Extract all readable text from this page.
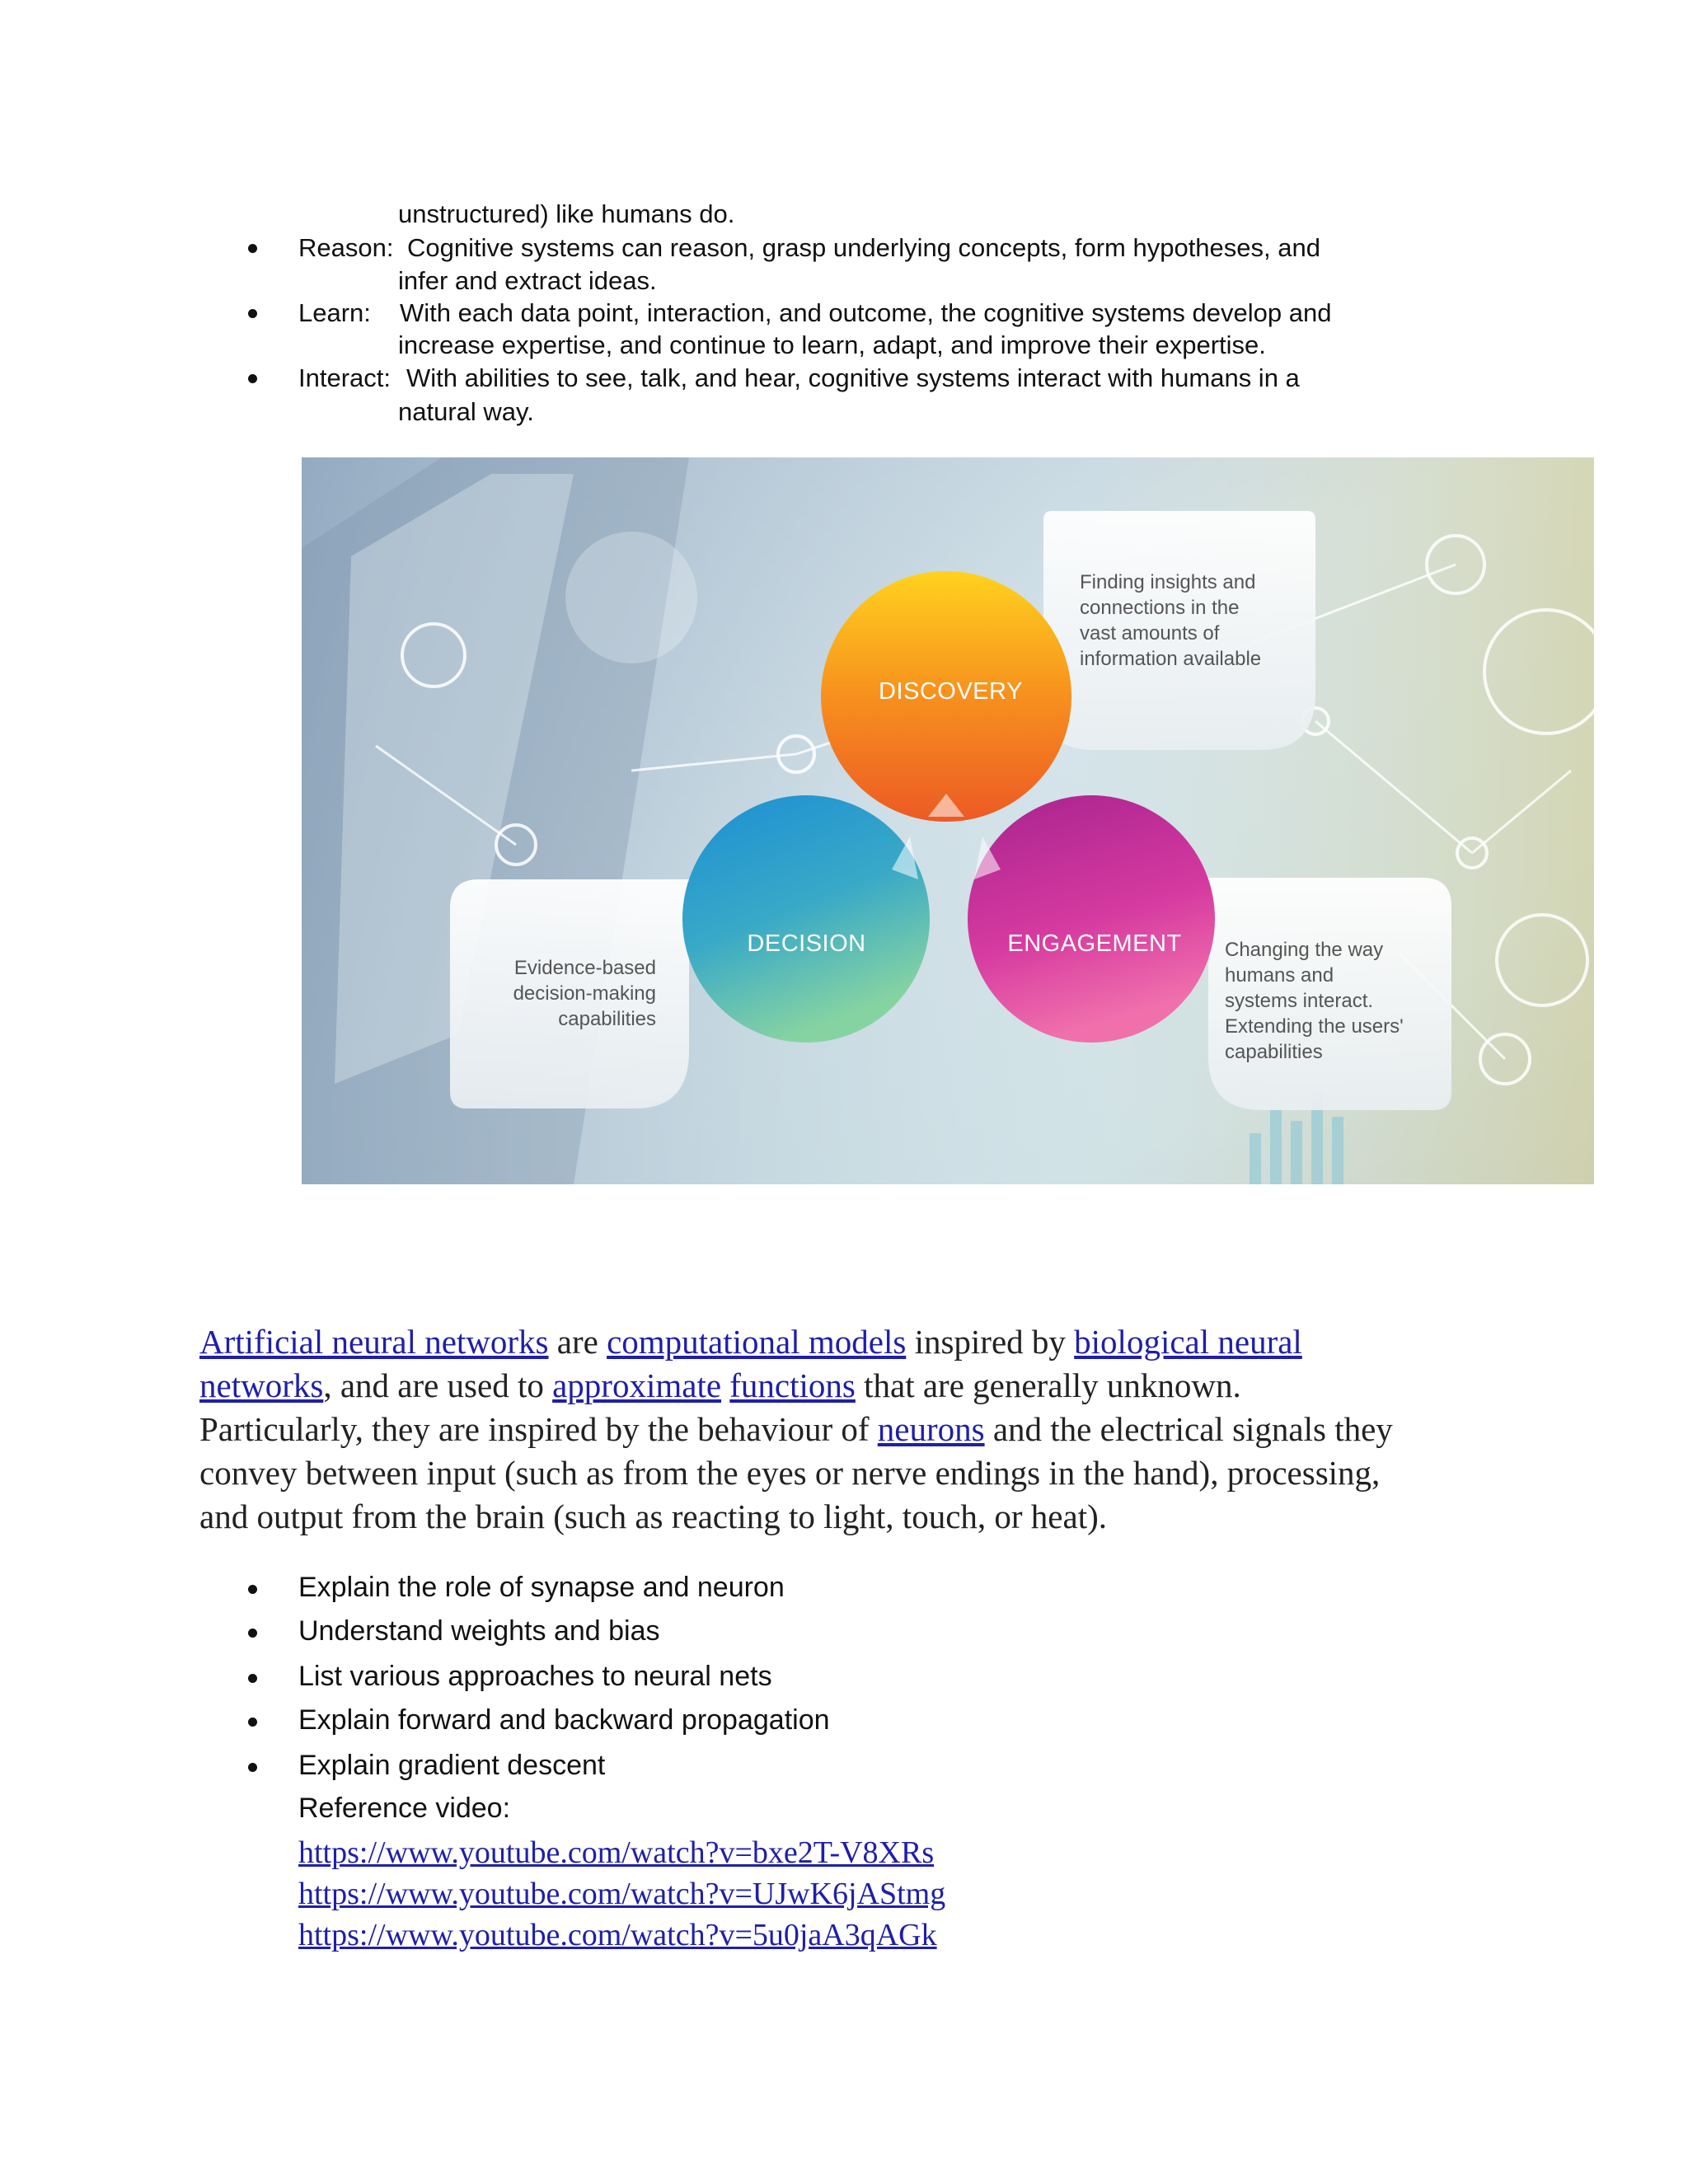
unstructured) like humans do.
Reason: Cognitive systems can reason, grasp underlying concepts, form hypotheses, and
infer and extract ideas.
Learn: With each data point, interaction, and outcome, the cognitive systems develop and
increase expertise, and continue to learn, adapt, and improve their expertise.
Interact: With abilities to see, talk, and hear, cognitive systems interact with humans in a
natural way.
DISCOVERY
DECISION	ENGAGEMENT
Finding insights and
connections in the
vast amounts of
information available
Evidence-based
decision-making
capabilities
Changing the way
humans and
systems interact.
Extending the users'
capabilities
Artificial neural networks are computational models inspired by biological neural
networks, and are used to approximate functions that are generally unknown.
Particularly, they are inspired by the behaviour of neurons and the electrical signals they
convey between input (such as from the eyes or nerve endings in the hand), processing,
and output from the brain (such as reacting to light, touch, or heat).
Explain the role of synapse and neuron
Understand weights and bias
List various approaches to neural nets
Explain forward and backward propagation
Explain gradient descent
Reference video:
https://www.youtube.com/watch?v=bxe2T-V8XRs
https://www.youtube.com/watch?v=UJwK6jAStmg
https://www.youtube.com/watch?v=5u0jaA3qAGk
